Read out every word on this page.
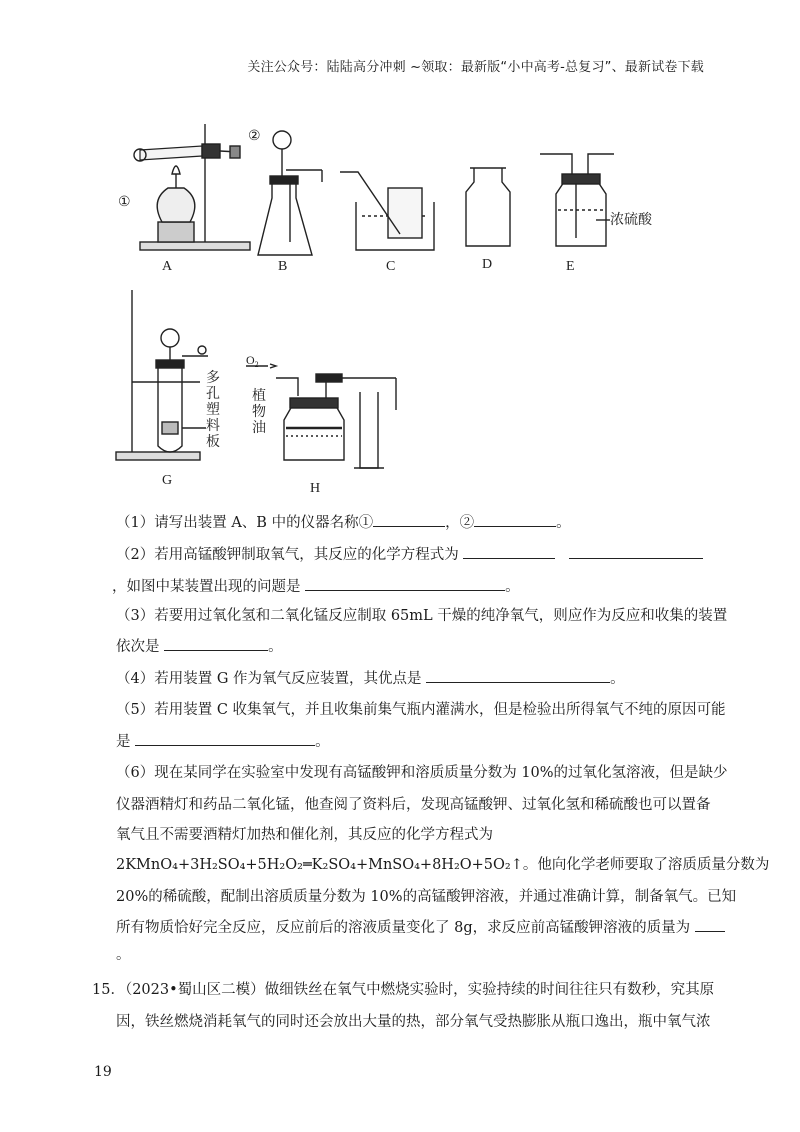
关注公众号：陆陆高分冲刺 ~领取：最新版“小中高考-总复习”、最新试卷下载
A	B	C	D	E
G
H
①
②
浓硫酸
$O_2$
多
孔
塑
料
板
植
物
油
（1）请写出装置 A、B 中的仪器名称①	，②	。
（2）若用高锰酸钾制取氧气，其反应的化学方程式为
，如图中某装置出现的问题是	。
（3）若要用过氧化氢和二氧化锰反应制取 65mL 干燥的纯净氧气，则应作为反应和收集的装置
依次是	。
（4）若用装置 G 作为氧气反应装置，其优点是	。
（5）若用装置 C 收集氧气，并且收集前集气瓶内灌满水，但是检验出所得氧气不纯的原因可能
是	。
（6）现在某同学在实验室中发现有高锰酸钾和溶质质量分数为 10%的过氧化氢溶液，但是缺少
仪器酒精灯和药品二氧化锰，他查阅了资料后，发现高锰酸钾、过氧化氢和稀硫酸也可以置备
氧气且不需要酒精灯加热和催化剂，其反应的化学方程式为
2KMnO₄+3H₂SO₄+5H₂O₂═K₂SO₄+MnSO₄+8H₂O+5O₂↑。他向化学老师要取了溶质质量分数为
20%的稀硫酸，配制出溶质质量分数为 10%的高锰酸钾溶液，并通过准确计算，制备氧气。已知
所有物质恰好完全反应，反应前后的溶液质量变化了 8g，求反应前高锰酸钾溶液的质量为
。
15．（2023•蜀山区二模）做细铁丝在氧气中燃烧实验时，实验持续的时间往往只有数秒，究其原
因，铁丝燃烧消耗氧气的同时还会放出大量的热，部分氧气受热膨胀从瓶口逸出，瓶中氧气浓
19
